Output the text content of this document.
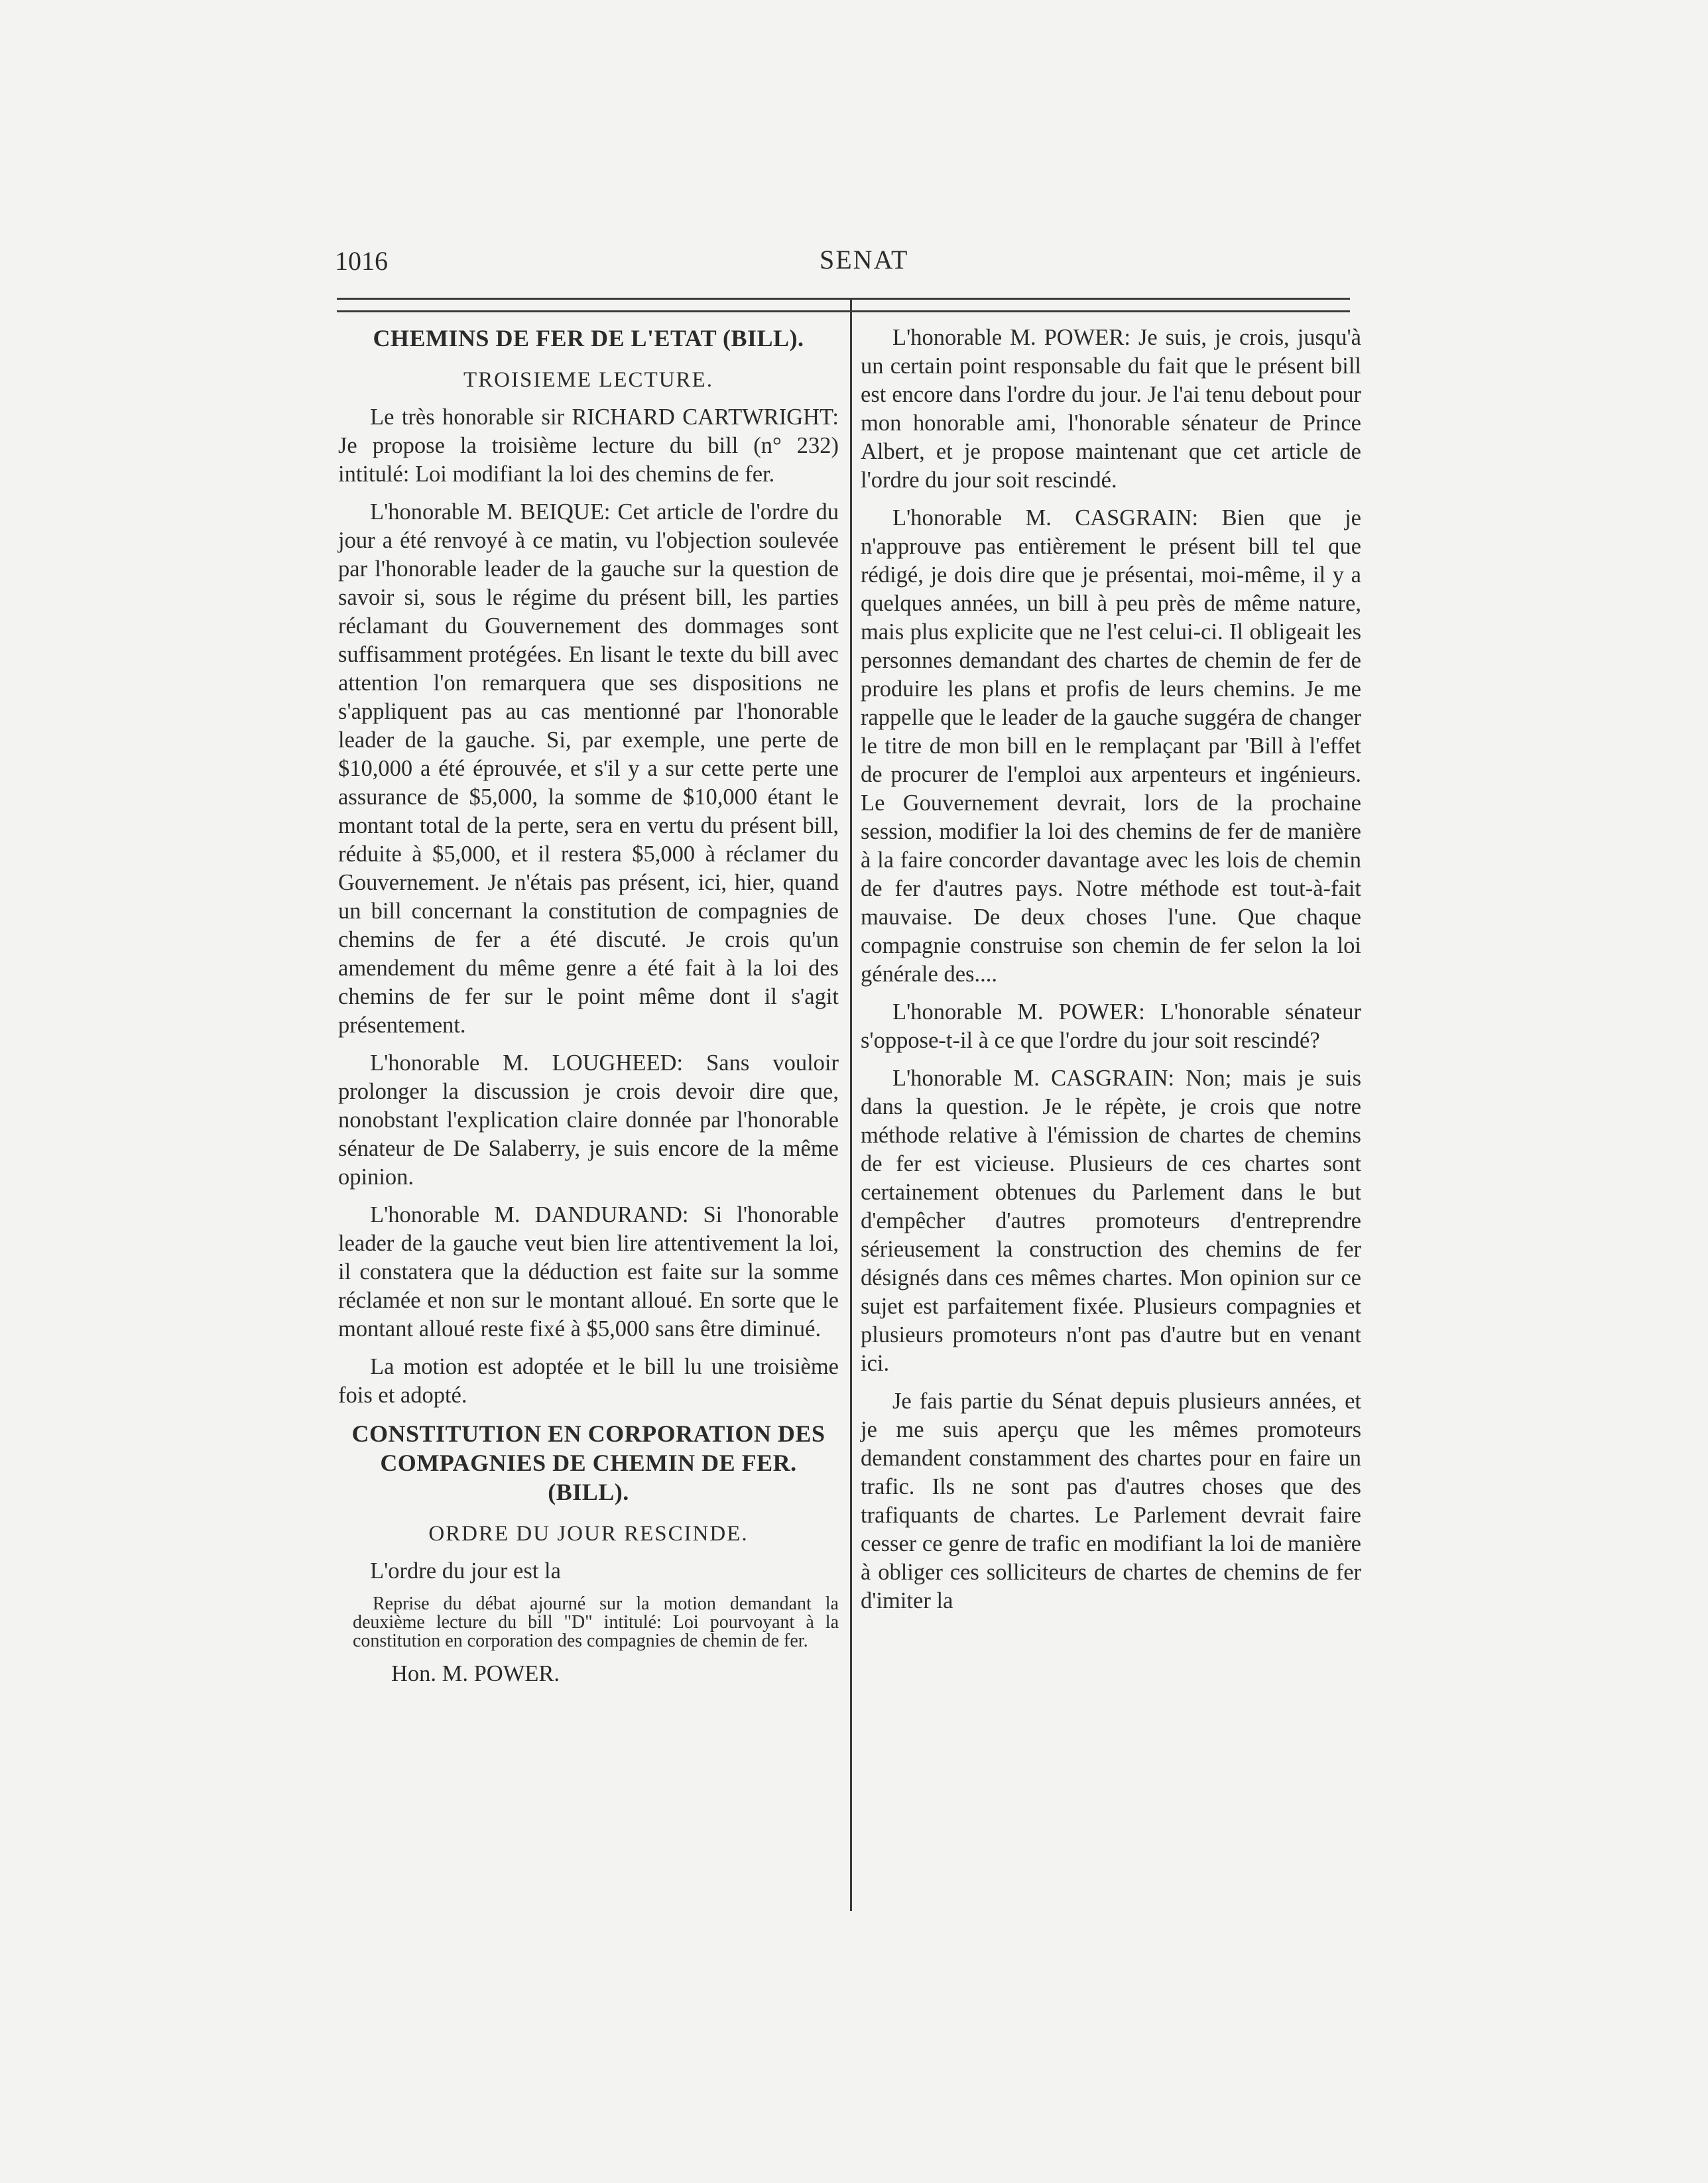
1016	SENAT
CHEMINS DE FER DE L'ETAT (BILL).
TROISIEME LECTURE.

Le très honorable sir RICHARD CARTWRIGHT: Je propose la troisième lecture du bill (n° 232) intitulé: Loi modifiant la loi des chemins de fer.

L'honorable M. BEIQUE: Cet article de l'ordre du jour a été renvoyé à ce matin, vu l'objection soulevée par l'honorable leader de la gauche sur la question de savoir si, sous le régime du présent bill, les parties réclamant du Gouvernement des dommages sont suffisamment protégées. En lisant le texte du bill avec attention l'on remarquera que ses dispositions ne s'appliquent pas au cas mentionné par l'honorable leader de la gauche. Si, par exemple, une perte de $10,000 a été éprouvée, et s'il y a sur cette perte une assurance de $5,000, la somme de $10,000 étant le montant total de la perte, sera en vertu du présent bill, réduite à $5,000, et il restera $5,000 à réclamer du Gouvernement. Je n'étais pas présent, ici, hier, quand un bill concernant la constitution de compagnies de chemins de fer a été discuté. Je crois qu'un amendement du même genre a été fait à la loi des chemins de fer sur le point même dont il s'agit présentement.

L'honorable M. LOUGHEED: Sans vouloir prolonger la discussion je crois devoir dire que, nonobstant l'explication claire donnée par l'honorable sénateur de De Salaberry, je suis encore de la même opinion.

L'honorable M. DANDURAND: Si l'honorable leader de la gauche veut bien lire attentivement la loi, il constatera que la déduction est faite sur la somme réclamée et non sur le montant alloué. En sorte que le montant alloué reste fixé à $5,000 sans être diminué.

La motion est adoptée et le bill lu une troisième fois et adopté.

CONSTITUTION EN CORPORATION DES COMPAGNIES DE CHEMIN DE FER. (BILL).
ORDRE DU JOUR RESCINDE.

L'ordre du jour est la

Reprise du débat ajourné sur la motion demandant la deuxième lecture du bill "D" intitulé: Loi pourvoyant à la constitution en corporation des compagnies de chemin de fer.

Hon. M. POWER.

L'honorable M. POWER: Je suis, je crois, jusqu'à un certain point responsable du fait que le présent bill est encore dans l'ordre du jour. Je l'ai tenu debout pour mon honorable ami, l'honorable sénateur de Prince Albert, et je propose maintenant que cet article de l'ordre du jour soit rescindé.

L'honorable M. CASGRAIN: Bien que je n'approuve pas entièrement le présent bill tel que rédigé, je dois dire que je présentai, moi-même, il y a quelques années, un bill à peu près de même nature, mais plus explicite que ne l'est celui-ci. Il obligeait les personnes demandant des chartes de chemin de fer de produire les plans et profis de leurs chemins. Je me rappelle que le leader de la gauche suggéra de changer le titre de mon bill en le remplaçant par 'Bill à l'effet de procurer de l'emploi aux arpenteurs et ingénieurs. Le Gouvernement devrait, lors de la prochaine session, modifier la loi des chemins de fer de manière à la faire concorder davantage avec les lois de chemin de fer d'autres pays. Notre méthode est tout-à-fait mauvaise. De deux choses l'une. Que chaque compagnie construise son chemin de fer selon la loi générale des....

L'honorable M. POWER: L'honorable sénateur s'oppose-t-il à ce que l'ordre du jour soit rescindé?

L'honorable M. CASGRAIN: Non; mais je suis dans la question. Je le répète, je crois que notre méthode relative à l'émission de chartes de chemins de fer est vicieuse. Plusieurs de ces chartes sont certainement obtenues du Parlement dans le but d'empêcher d'autres promoteurs d'entreprendre sérieusement la construction des chemins de fer désignés dans ces mêmes chartes. Mon opinion sur ce sujet est parfaitement fixée. Plusieurs compagnies et plusieurs promoteurs n'ont pas d'autre but en venant ici.

Je fais partie du Sénat depuis plusieurs années, et je me suis aperçu que les mêmes promoteurs demandent constamment des chartes pour en faire un trafic. Ils ne sont pas d'autres choses que des trafiquants de chartes. Le Parlement devrait faire cesser ce genre de trafic en modifiant la loi de manière à obliger ces solliciteurs de chartes de chemins de fer d'imiter la
